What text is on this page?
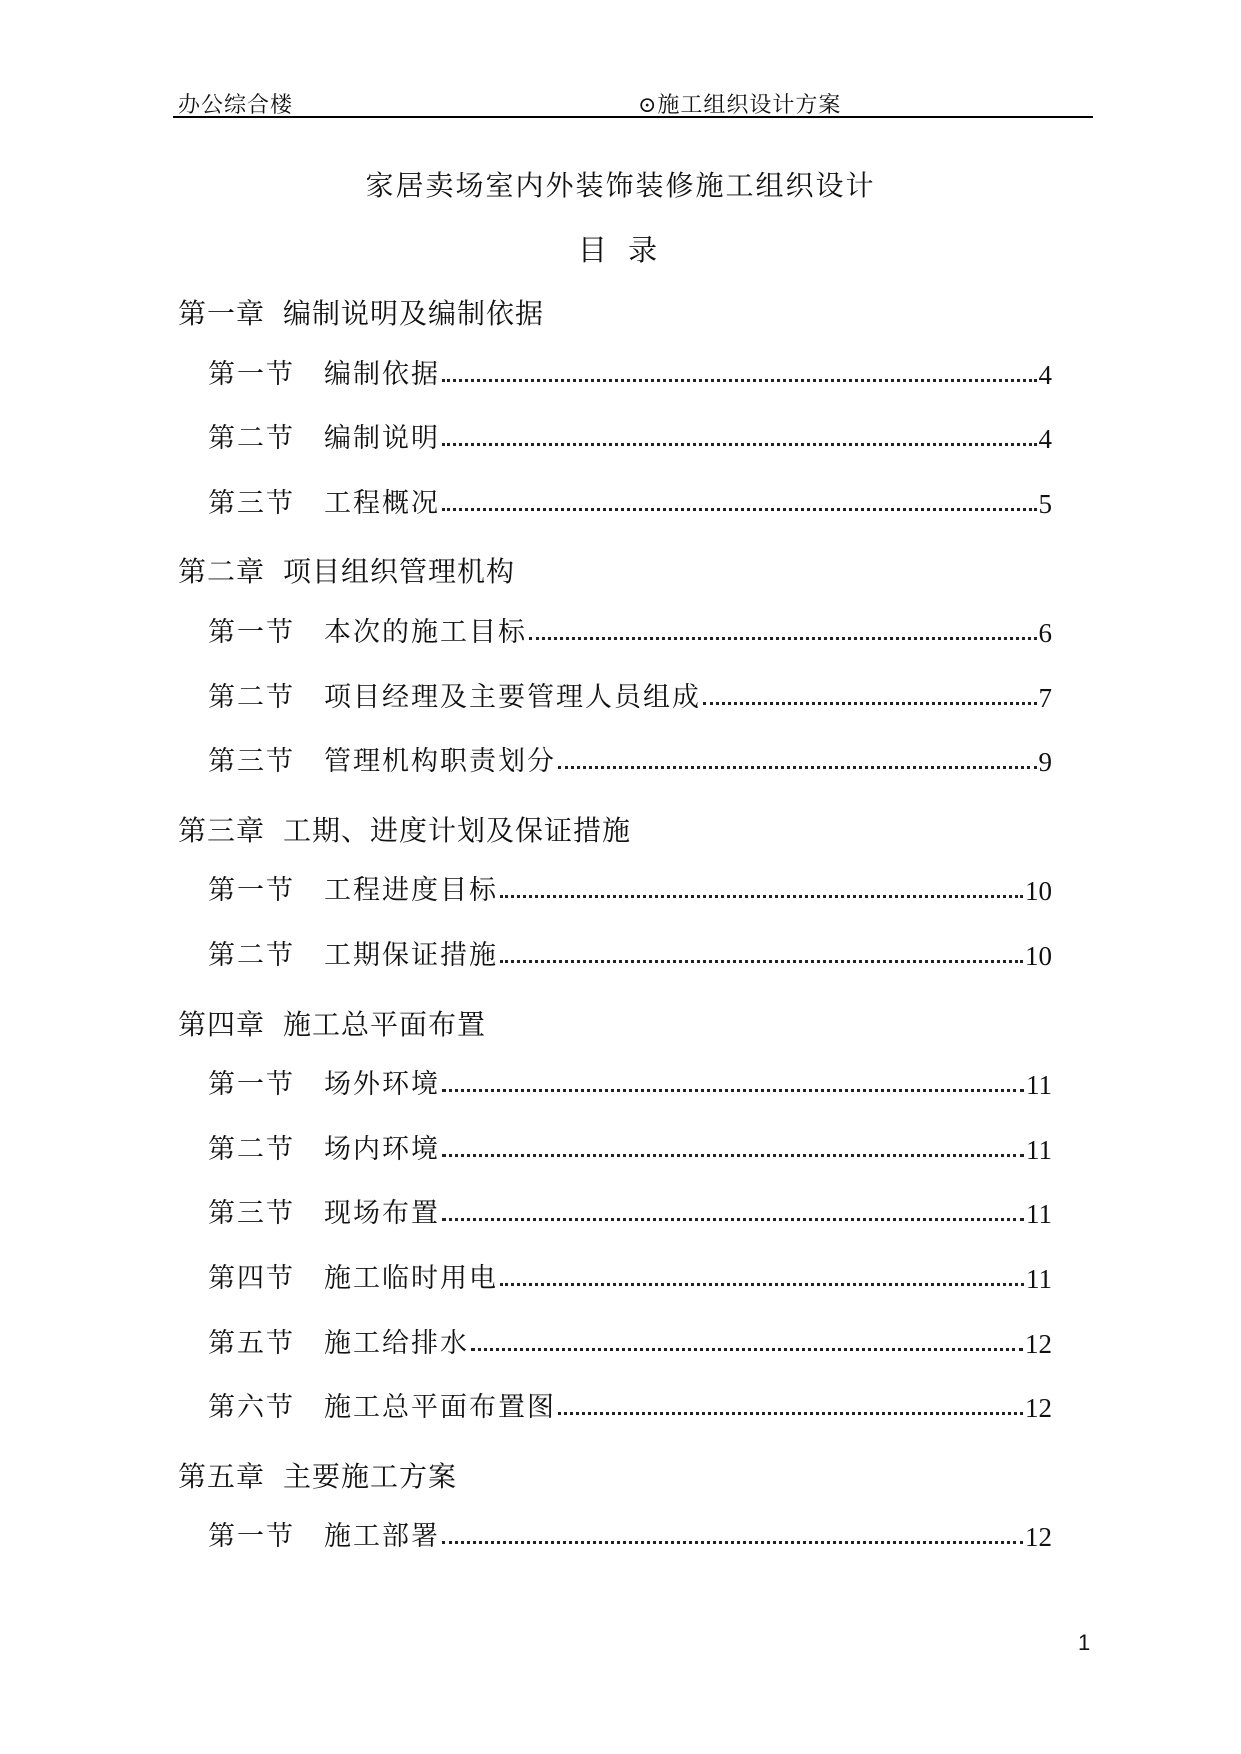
办公综合楼	⊙施工组织设计方案
家居卖场室内外装饰装修施工组织设计
目 录
第一章 编制说明及编制依据
第一节	编制依据	4
第二节	编制说明	4
第三节	工程概况	5
第二章 项目组织管理机构
第一节	本次的施工目标	6
第二节	项目经理及主要管理人员组成	7
第三节	管理机构职责划分	9
第三章 工期、进度计划及保证措施
第一节	工程进度目标	10
第二节	工期保证措施	10
第四章 施工总平面布置
第一节	场外环境	11
第二节	场内环境	11
第三节	现场布置	11
第四节	施工临时用电	11
第五节	施工给排水	12
第六节	施工总平面布置图	12
第五章 主要施工方案
第一节	施工部署	12
1
